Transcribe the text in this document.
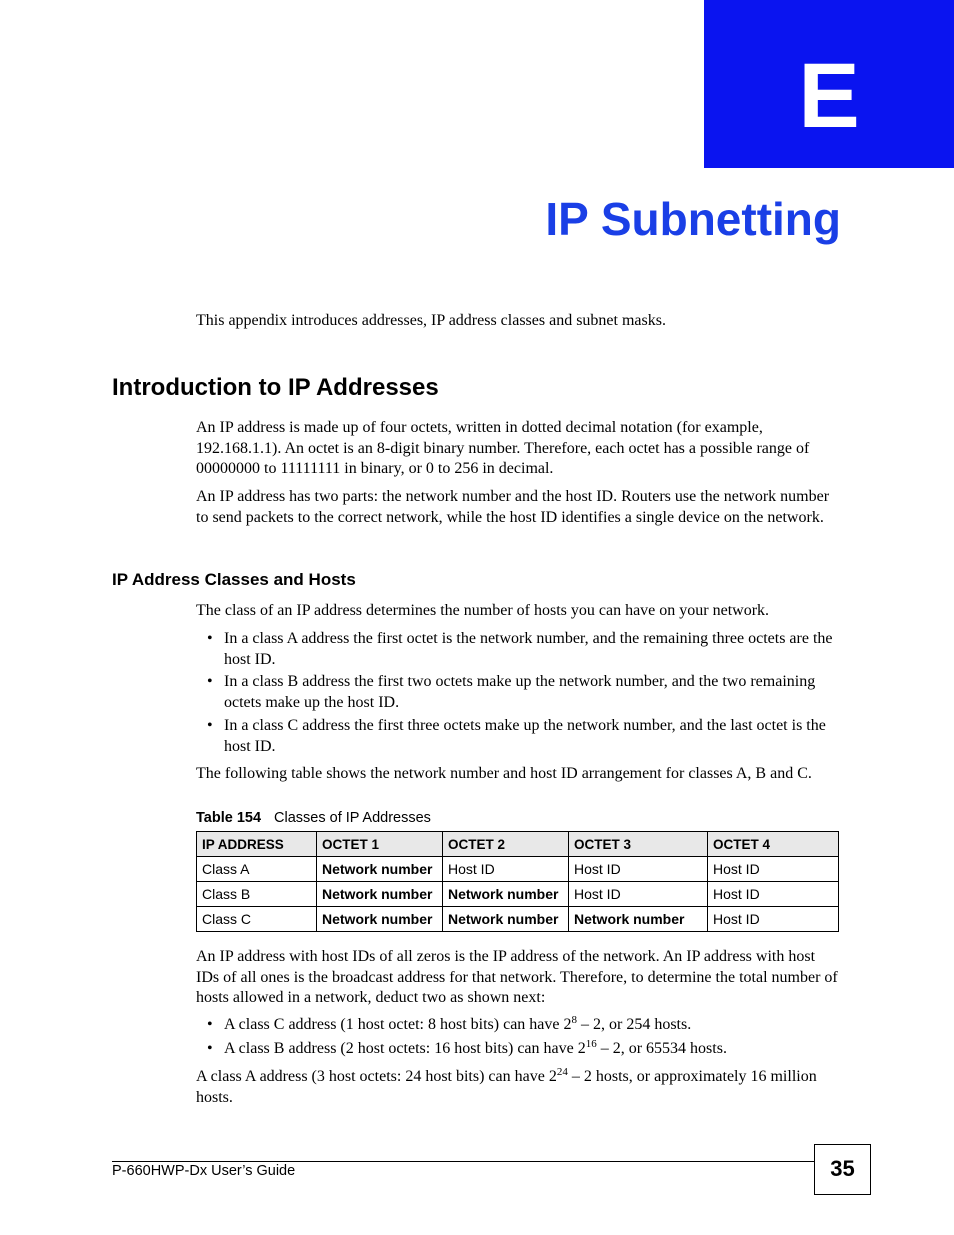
E
IP Subnetting
This appendix introduces addresses, IP address classes and subnet masks.
Introduction to IP Addresses
An IP address is made up of four octets, written in dotted decimal notation (for example, 192.168.1.1). An octet is an 8-digit binary number. Therefore, each octet has a possible range of 00000000 to 11111111 in binary, or 0 to 256 in decimal.
An IP address has two parts: the network number and the host ID. Routers use the network number to send packets to the correct network, while the host ID identifies a single device on the network.
IP Address Classes and Hosts
The class of an IP address determines the number of hosts you can have on your network.
• In a class A address the first octet is the network number, and the remaining three octets are the host ID.
• In a class B address the first two octets make up the network number, and the two remaining octets make up the host ID.
• In a class C address the first three octets make up the network number, and the last octet is the host ID.
The following table shows the network number and host ID arrangement for classes A, B and C.
Table 154 Classes of IP Addresses
IP ADDRESS	OCTET 1	OCTET 2	OCTET 3	OCTET 4
Class A	Network number	Host ID	Host ID	Host ID
Class B	Network number	Network number	Host ID	Host ID
Class C	Network number	Network number	Network number	Host ID
An IP address with host IDs of all zeros is the IP address of the network. An IP address with host IDs of all ones is the broadcast address for that network. Therefore, to determine the total number of hosts allowed in a network, deduct two as shown next:
• A class C address (1 host octet: 8 host bits) can have $2^8 - 2$, or 254 hosts.
• A class B address (2 host octets: 16 host bits) can have $2^{16} - 2$, or 65534 hosts.
A class A address (3 host octets: 24 host bits) can have $2^{24} - 2$ hosts, or approximately 16 million hosts.
P-660HWP-Dx User’s Guide	35
